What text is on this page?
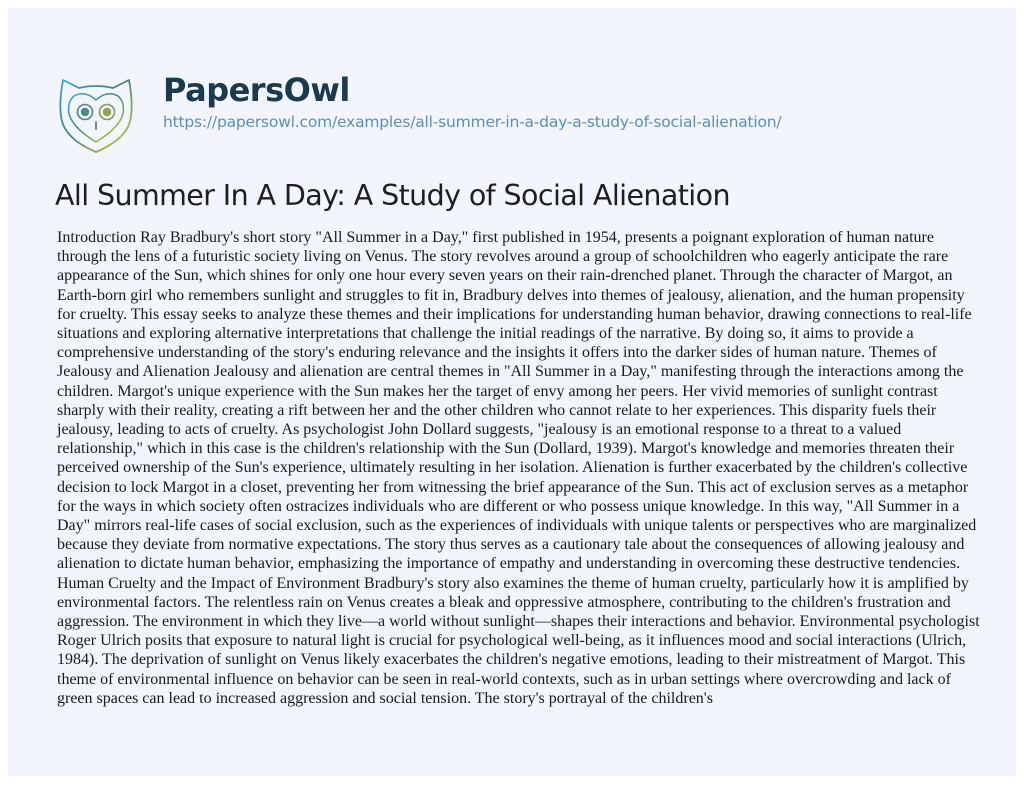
PapersOwl
https://papersowl.com/examples/all-summer-in-a-day-a-study-of-social-alienation/
All Summer In A Day: A Study of Social Alienation
Introduction Ray Bradbury's short story "All Summer in a Day," first published in 1954, presents a poignant exploration of human nature
through the lens of a futuristic society living on Venus. The story revolves around a group of schoolchildren who eagerly anticipate the rare
appearance of the Sun, which shines for only one hour every seven years on their rain-drenched planet. Through the character of Margot, an
Earth-born girl who remembers sunlight and struggles to fit in, Bradbury delves into themes of jealousy, alienation, and the human propensity
for cruelty. This essay seeks to analyze these themes and their implications for understanding human behavior, drawing connections to real-life
situations and exploring alternative interpretations that challenge the initial readings of the narrative. By doing so, it aims to provide a
comprehensive understanding of the story's enduring relevance and the insights it offers into the darker sides of human nature. Themes of
Jealousy and Alienation Jealousy and alienation are central themes in "All Summer in a Day," manifesting through the interactions among the
children. Margot's unique experience with the Sun makes her the target of envy among her peers. Her vivid memories of sunlight contrast
sharply with their reality, creating a rift between her and the other children who cannot relate to her experiences. This disparity fuels their
jealousy, leading to acts of cruelty. As psychologist John Dollard suggests, "jealousy is an emotional response to a threat to a valued
relationship," which in this case is the children's relationship with the Sun (Dollard, 1939). Margot's knowledge and memories threaten their
perceived ownership of the Sun's experience, ultimately resulting in her isolation. Alienation is further exacerbated by the children's collective
decision to lock Margot in a closet, preventing her from witnessing the brief appearance of the Sun. This act of exclusion serves as a metaphor
for the ways in which society often ostracizes individuals who are different or who possess unique knowledge. In this way, "All Summer in a
Day" mirrors real-life cases of social exclusion, such as the experiences of individuals with unique talents or perspectives who are marginalized
because they deviate from normative expectations. The story thus serves as a cautionary tale about the consequences of allowing jealousy and
alienation to dictate human behavior, emphasizing the importance of empathy and understanding in overcoming these destructive tendencies.
Human Cruelty and the Impact of Environment Bradbury's story also examines the theme of human cruelty, particularly how it is amplified by
environmental factors. The relentless rain on Venus creates a bleak and oppressive atmosphere, contributing to the children's frustration and
aggression. The environment in which they live—a world without sunlight—shapes their interactions and behavior. Environmental psychologist
Roger Ulrich posits that exposure to natural light is crucial for psychological well-being, as it influences mood and social interactions (Ulrich,
1984). The deprivation of sunlight on Venus likely exacerbates the children's negative emotions, leading to their mistreatment of Margot. This
theme of environmental influence on behavior can be seen in real-world contexts, such as in urban settings where overcrowding and lack of
green spaces can lead to increased aggression and social tension. The story's portrayal of the children's
